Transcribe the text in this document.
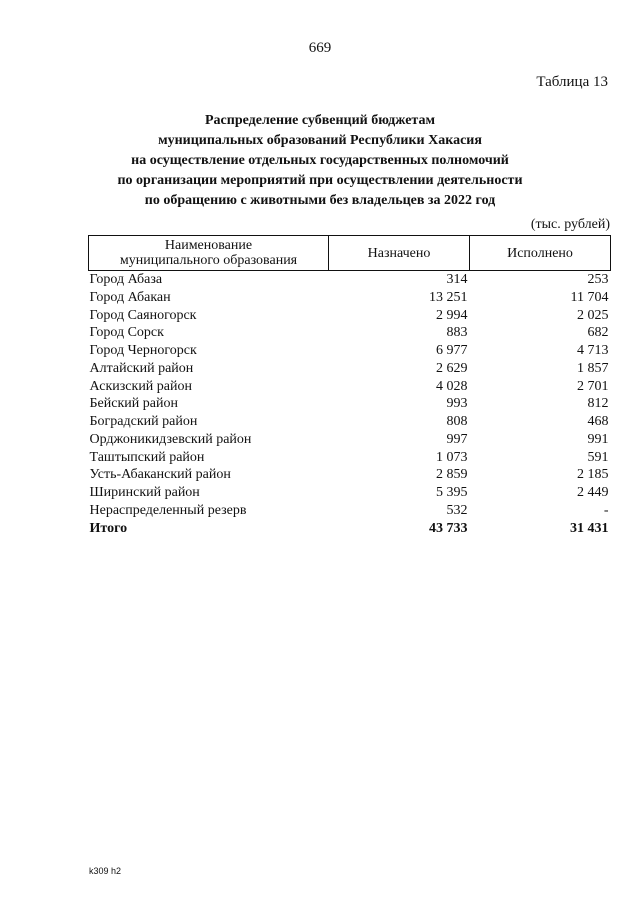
669
Таблица 13
Распределение субвенций бюджетам
муниципальных образований Республики Хакасия
на осуществление отдельных государственных полномочий
по организации мероприятий при осуществлении деятельности
по обращению с животными без владельцев за 2022 год
(тыс. рублей)
Наименование
муниципального образования	Назначено	Исполнено
Город Абаза	314	253
Город Абакан	13 251	11 704
Город Саяногорск	2 994	2 025
Город Сорск	883	682
Город Черногорск	6 977	4 713
Алтайский район	2 629	1 857
Аскизский район	4 028	2 701
Бейский район	993	812
Боградский район	808	468
Орджоникидзевский район	997	991
Таштыпский район	1 073	591
Усть-Абаканский район	2 859	2 185
Ширинский район	5 395	2 449
Нераспределенный резерв	532	-
Итого	43 733	31 431
k309 h2
